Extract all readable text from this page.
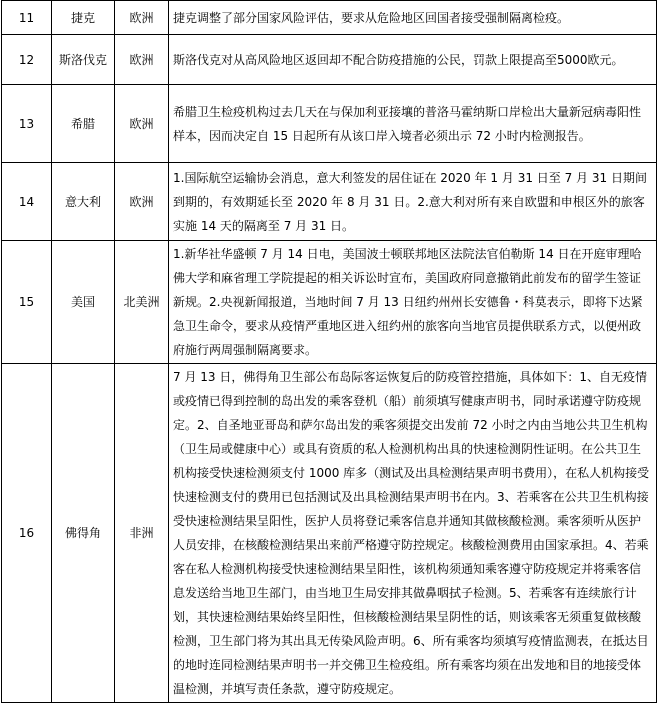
11	捷克	欧洲	捷克调整了部分国家风险评估，要求从危险地区回国者接受强制隔离检疫。
12	斯洛伐克	欧洲	斯洛伐克对从高风险地区返回却不配合防疫措施的公民，罚款上限提高至5000欧元。
13	希腊	欧洲	希腊卫生检疫机构过去几天在与保加利亚接壤的普洛马霍纳斯口岸检出大量新冠病毒阳性样本，因而决定自 15 日起所有从该口岸入境者必须出示 72 小时内检测报告。
14	意大利	欧洲	1.国际航空运输协会消息，意大利签发的居住证在 2020 年 1 月 31 日至 7 月 31 日期间到期的，有效期延长至 2020 年 8 月 31 日。2.意大利对所有来自欧盟和申根区外的旅客实施 14 天的隔离至 7 月 31 日。
15	美国	北美洲	1.新华社华盛顿 7 月 14 日电，美国波士顿联邦地区法院法官伯勒斯 14 日在开庭审理哈佛大学和麻省理工学院提起的相关诉讼时宣布，美国政府同意撤销此前发布的留学生签证新规。2.央视新闻报道，当地时间 7 月 13 日纽约州州长安德鲁・科莫表示，即将下达紧急卫生命令，要求从疫情严重地区进入纽约州的旅客向当地官员提供联系方式，以便州政府施行两周强制隔离要求。
16	佛得角	非洲	7 月 13 日，佛得角卫生部公布岛际客运恢复后的防疫管控措施，具体如下：1、自无疫情或疫情已得到控制的岛出发的乘客登机（船）前须填写健康声明书，同时承诺遵守防疫规定。2、自圣地亚哥岛和萨尔岛出发的乘客须提交出发前 72 小时之内由当地公共卫生机构（卫生局或健康中心）或具有资质的私人检测机构出具的快速检测阴性证明。在公共卫生机构接受快速检测须支付 1000 库多（测试及出具检测结果声明书费用），在私人机构接受快速检测支付的费用已包括测试及出具检测结果声明书在内。3、若乘客在公共卫生机构接受快速检测结果呈阳性，医护人员将登记乘客信息并通知其做核酸检测。乘客须听从医护人员安排，在核酸检测结果出来前严格遵守防控规定。核酸检测费用由国家承担。4、若乘客在私人检测机构接受快速检测结果呈阳性，该机构须通知乘客遵守防疫规定并将乘客信息发送给当地卫生部门，由当地卫生局安排其做鼻咽拭子检测。5、若乘客有连续旅行计划，其快速检测结果始终呈阳性，但核酸检测结果呈阴性的话，则该乘客无须重复做核酸检测，卫生部门将为其出具无传染风险声明。6、所有乘客均须填写疫情监测表，在抵达目的地时连同检测结果声明书一并交佛卫生检疫组。所有乘客均须在出发地和目的地接受体温检测，并填写责任条款，遵守防疫规定。
